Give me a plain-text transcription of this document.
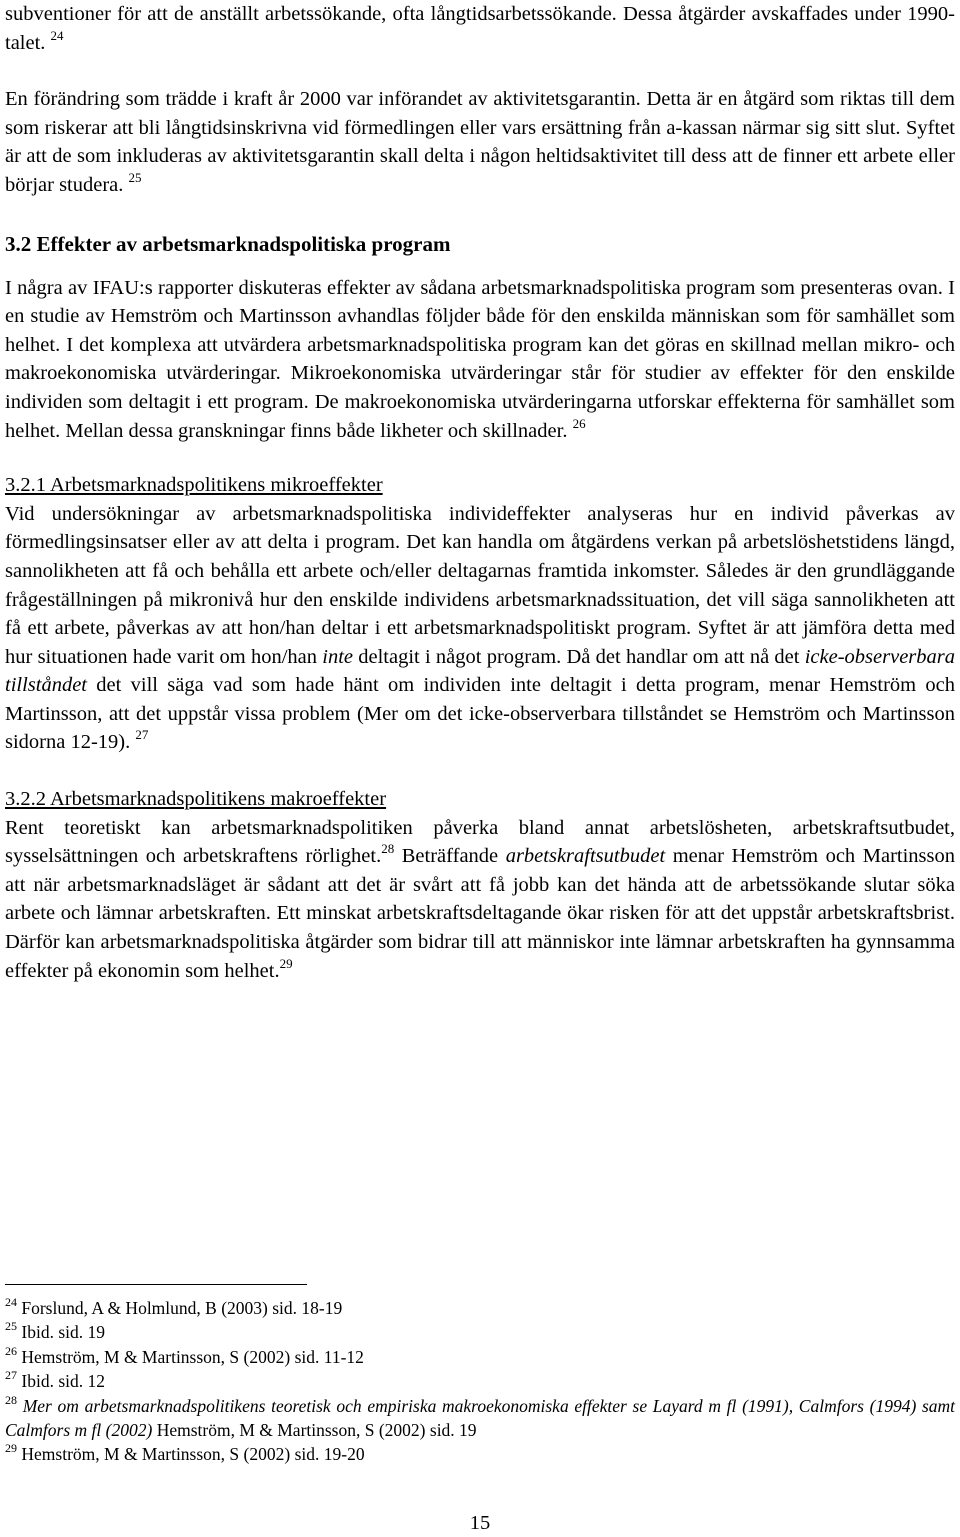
subventioner för att de anställt arbetssökande, ofta långtidsarbetssökande. Dessa åtgärder avskaffades under 1990-talet. $^{24}$

En förändring som trädde i kraft år 2000 var införandet av aktivitetsgarantin. Detta är en åtgärd som riktas till dem som riskerar att bli långtidsinskrivna vid förmedlingen eller vars ersättning från a-kassan närmar sig sitt slut. Syftet är att de som inkluderas av aktivitetsgarantin skall delta i någon heltidsaktivitet till dess att de finner ett arbete eller börjar studera. $^{25}$

3.2 Effekter av arbetsmarknadspolitiska program

I några av IFAU:s rapporter diskuteras effekter av sådana arbetsmarknadspolitiska program som presenteras ovan. I en studie av Hemström och Martinsson avhandlas följder både för den enskilda människan som för samhället som helhet. I det komplexa att utvärdera arbetsmarknadspolitiska program kan det göras en skillnad mellan mikro- och makroekonomiska utvärderingar. Mikroekonomiska utvärderingar står för studier av effekter för den enskilde individen som deltagit i ett program. De makroekonomiska utvärderingarna utforskar effekterna för samhället som helhet. Mellan dessa granskningar finns både likheter och skillnader. $^{26}$

3.2.1 Arbetsmarknadspolitikens mikroeffekter

Vid undersökningar av arbetsmarknadspolitiska individeffekter analyseras hur en individ påverkas av förmedlingsinsatser eller av att delta i program. Det kan handla om åtgärdens verkan på arbetslöshetstidens längd, sannolikheten att få och behålla ett arbete och/eller deltagarnas framtida inkomster. Således är den grundläggande frågeställningen på mikronivå hur den enskilde individens arbetsmarknadssituation, det vill säga sannolikheten att få ett arbete, påverkas av att hon/han deltar i ett arbetsmarknadspolitiskt program. Syftet är att jämföra detta med hur situationen hade varit om hon/han inte deltagit i något program. Då det handlar om att nå det icke-observerbara tillståndet det vill säga vad som hade hänt om individen inte deltagit i detta program, menar Hemström och Martinsson, att det uppstår vissa problem (Mer om det icke-observerbara tillståndet se Hemström och Martinsson sidorna 12-19). $^{27}$

3.2.2 Arbetsmarknadspolitikens makroeffekter

Rent teoretiskt kan arbetsmarknadspolitiken påverka bland annat arbetslösheten, arbetskraftsutbudet, sysselsättningen och arbetskraftens rörlighet.$^{28}$ Beträffande arbetskraftsutbudet menar Hemström och Martinsson att när arbetsmarknadsläget är sådant att det är svårt att få jobb kan det hända att de arbetssökande slutar söka arbete och lämnar arbetskraften. Ett minskat arbetskraftsdeltagande ökar risken för att det uppstår arbetskraftsbrist. Därför kan arbetsmarknadspolitiska åtgärder som bidrar till att människor inte lämnar arbetskraften ha gynnsamma effekter på ekonomin som helhet.$^{29}$

$^{24}$ Forslund, A & Holmlund, B (2003) sid. 18-19

$^{25}$ Ibid. sid. 19

$^{26}$ Hemström, M & Martinsson, S (2002) sid. 11-12

$^{27}$ Ibid. sid. 12

$^{28}$ Mer om arbetsmarknadspolitikens teoretisk och empiriska makroekonomiska effekter se Layard m fl (1991), Calmfors (1994) samt Calmfors m fl (2002) Hemström, M & Martinsson, S (2002) sid. 19

$^{29}$ Hemström, M & Martinsson, S (2002) sid. 19-20

15
